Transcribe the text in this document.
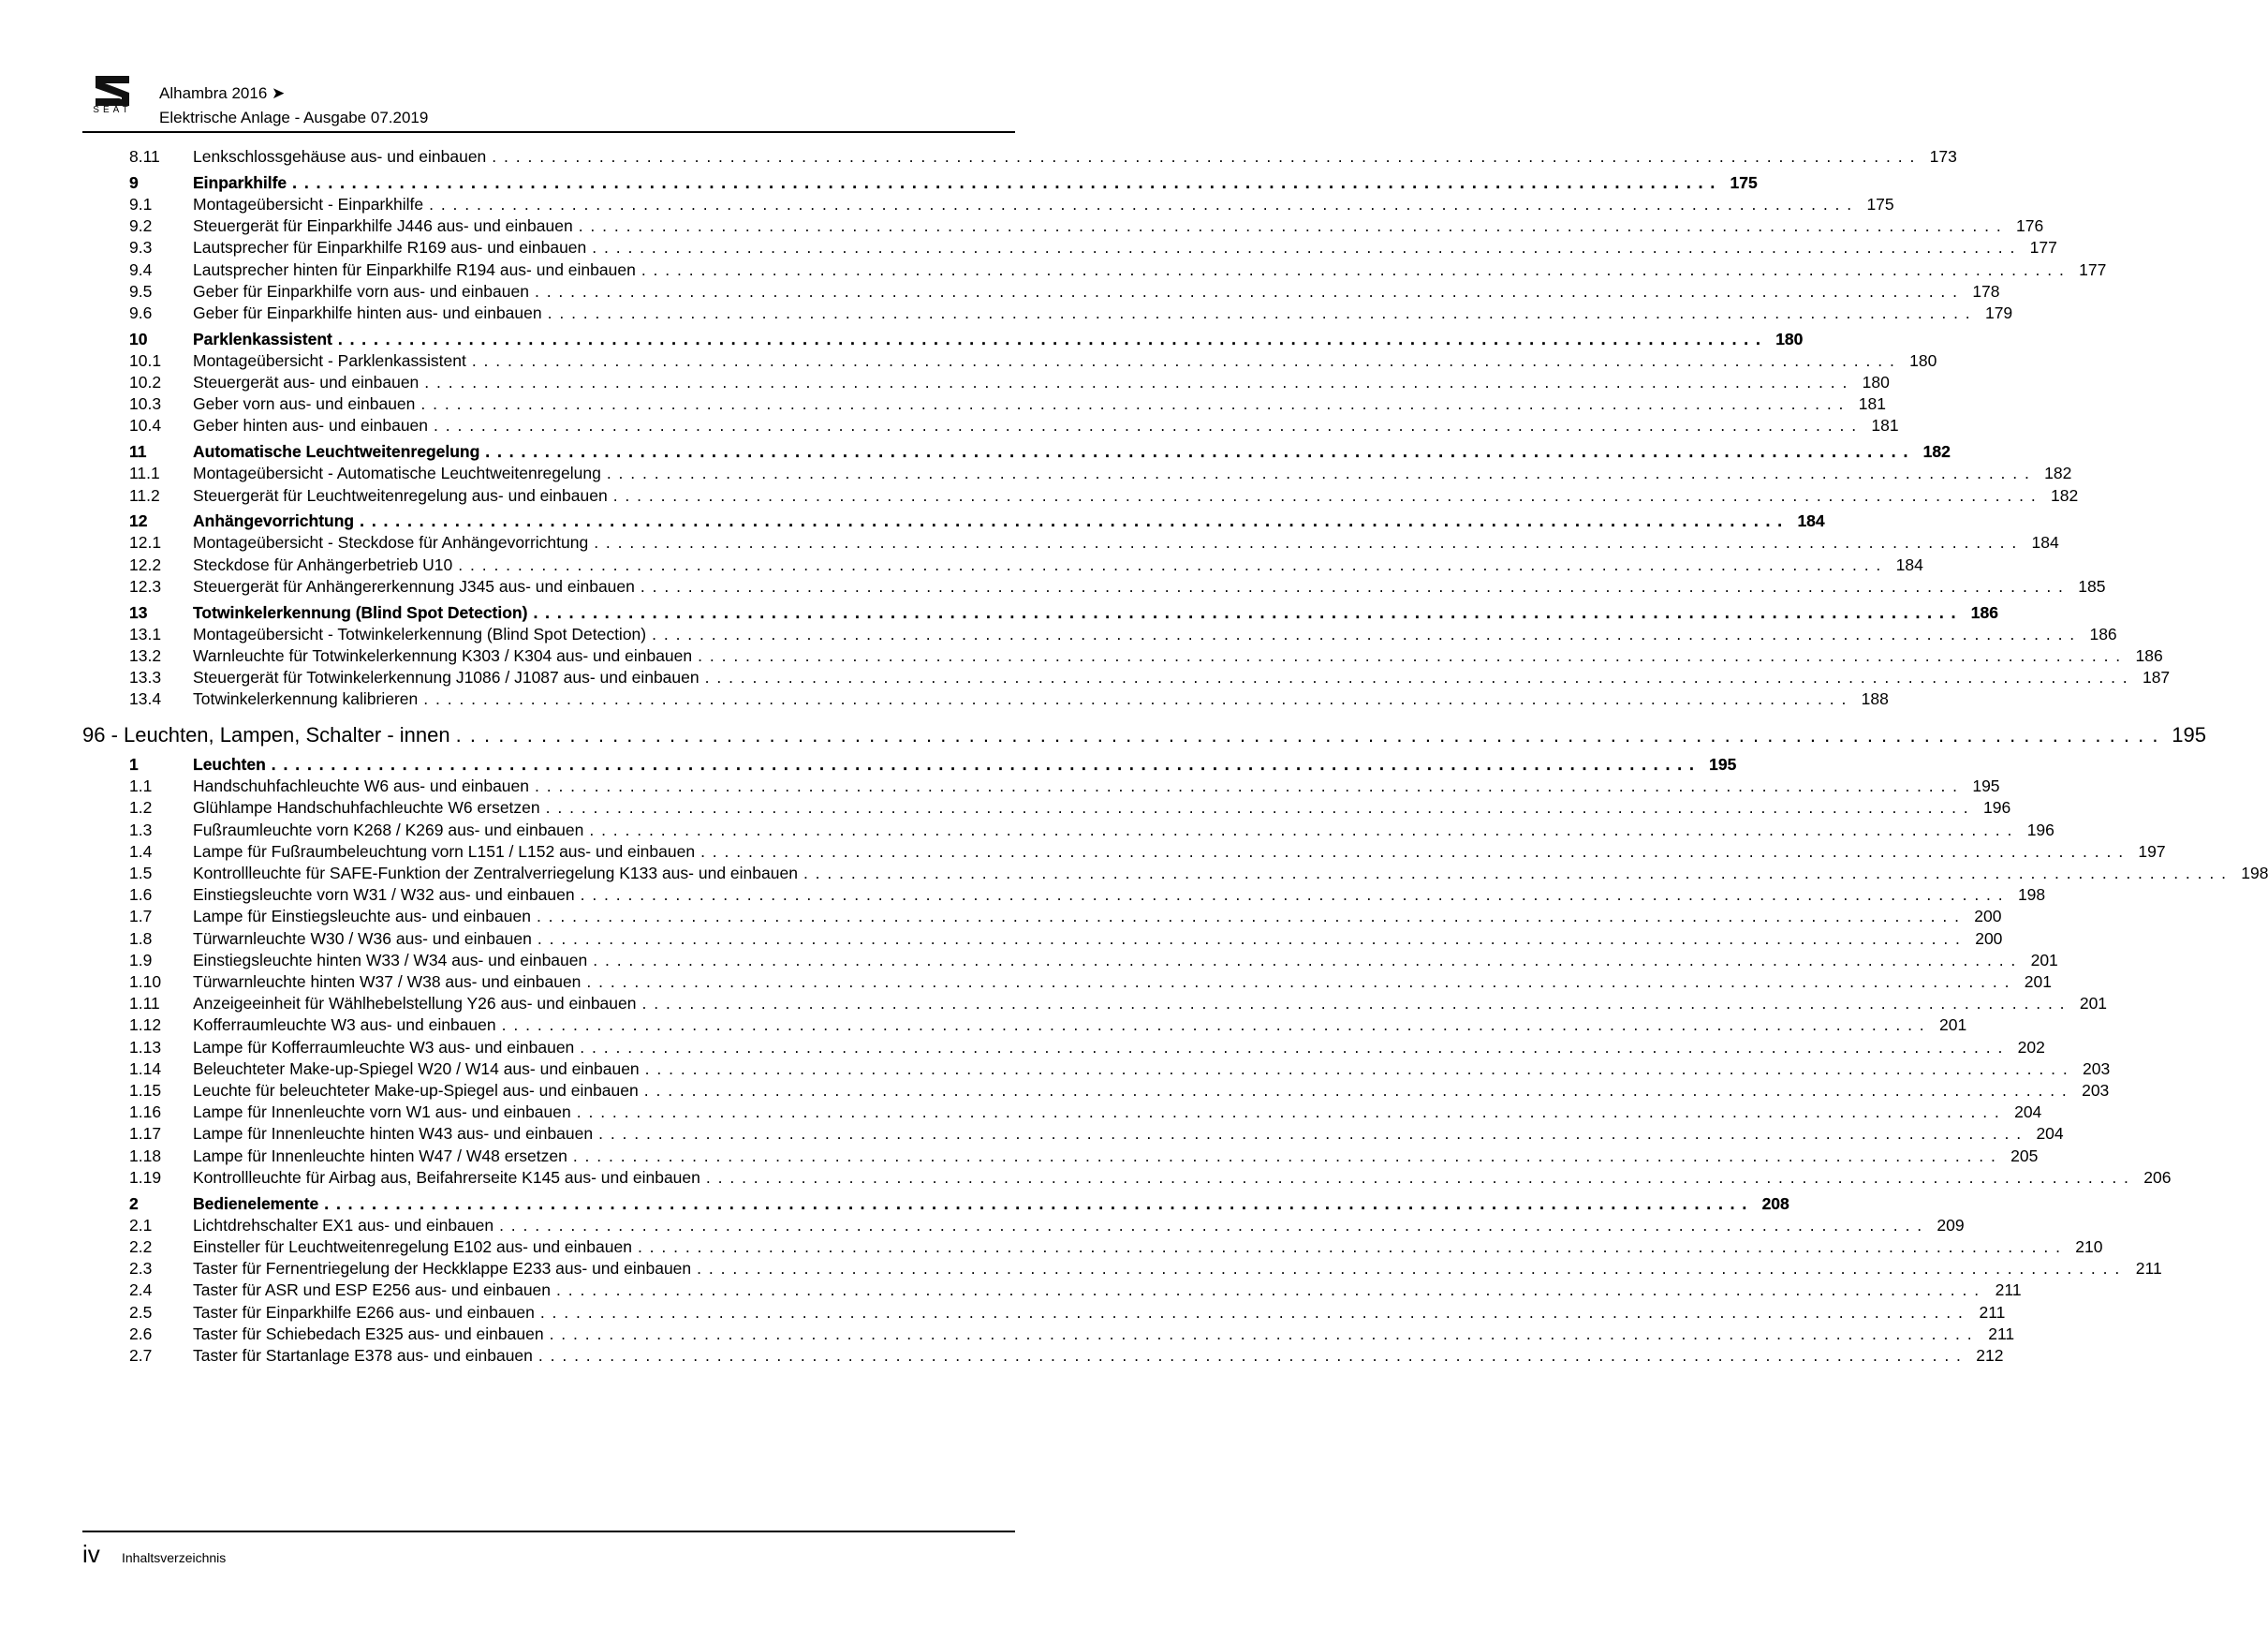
SEAT
Alhambra 2016 ➤
Elektrische Anlage - Ausgabe 07.2019
8.11	Lenkschlossgehäuse aus- und einbauen . . . . . . . . . . . . . . . . . . . . . . . . . . . . . . . . . . . . . . . . . . . . . . . . . . . . . . . . . . . . . . . . . . . . . . . . . . . . . . . . . . . . . . . . . . . . . . . . . . . . . . . . . . . . . . . . . . . . . . . . 173
9	Einparkhilfe . . . . . . . . . . . . . . . . . . . . . . . . . . . . . . . . . . . . . . . . . . . . . . . . . . . . . . . . . . . . . . . . . . . . . . . . . . . . . . . . . . . . . . . . . . . . . . . . . . . . . . . . . . . . . . . . . . . . . . . . 175
9.1	Montageübersicht - Einparkhilfe . . . . . . . . . . . . . . . . . . . . . . . . . . . . . . . . . . . . . . . . . . . . . . . . . . . . . . . . . . . . . . . . . . . . . . . . . . . . . . . . . . . . . . . . . . . . . . . . . . . . . . . . . . . . . . . . . . . . . . . . 175
9.2	Steuergerät für Einparkhilfe J446 aus- und einbauen . . . . . . . . . . . . . . . . . . . . . . . . . . . . . . . . . . . . . . . . . . . . . . . . . . . . . . . . . . . . . . . . . . . . . . . . . . . . . . . . . . . . . . . . . . . . . . . . . . . . . . . . . . . . . . . . . . . . . . . . 176
9.3	Lautsprecher für Einparkhilfe R169 aus- und einbauen . . . . . . . . . . . . . . . . . . . . . . . . . . . . . . . . . . . . . . . . . . . . . . . . . . . . . . . . . . . . . . . . . . . . . . . . . . . . . . . . . . . . . . . . . . . . . . . . . . . . . . . . . . . . . . . . . . . . . . . . 177
9.4	Lautsprecher hinten für Einparkhilfe R194 aus- und einbauen . . . . . . . . . . . . . . . . . . . . . . . . . . . . . . . . . . . . . . . . . . . . . . . . . . . . . . . . . . . . . . . . . . . . . . . . . . . . . . . . . . . . . . . . . . . . . . . . . . . . . . . . . . . . . . . . . . . . . . . . 177
9.5	Geber für Einparkhilfe vorn aus- und einbauen . . . . . . . . . . . . . . . . . . . . . . . . . . . . . . . . . . . . . . . . . . . . . . . . . . . . . . . . . . . . . . . . . . . . . . . . . . . . . . . . . . . . . . . . . . . . . . . . . . . . . . . . . . . . . . . . . . . . . . . . 178
9.6	Geber für Einparkhilfe hinten aus- und einbauen . . . . . . . . . . . . . . . . . . . . . . . . . . . . . . . . . . . . . . . . . . . . . . . . . . . . . . . . . . . . . . . . . . . . . . . . . . . . . . . . . . . . . . . . . . . . . . . . . . . . . . . . . . . . . . . . . . . . . . . . 179
10	Parklenkassistent . . . . . . . . . . . . . . . . . . . . . . . . . . . . . . . . . . . . . . . . . . . . . . . . . . . . . . . . . . . . . . . . . . . . . . . . . . . . . . . . . . . . . . . . . . . . . . . . . . . . . . . . . . . . . . . . . . . . . . . . 180
10.1	Montageübersicht - Parklenkassistent . . . . . . . . . . . . . . . . . . . . . . . . . . . . . . . . . . . . . . . . . . . . . . . . . . . . . . . . . . . . . . . . . . . . . . . . . . . . . . . . . . . . . . . . . . . . . . . . . . . . . . . . . . . . . . . . . . . . . . . . 180
10.2	Steuergerät aus- und einbauen . . . . . . . . . . . . . . . . . . . . . . . . . . . . . . . . . . . . . . . . . . . . . . . . . . . . . . . . . . . . . . . . . . . . . . . . . . . . . . . . . . . . . . . . . . . . . . . . . . . . . . . . . . . . . . . . . . . . . . . . 180
10.3	Geber vorn aus- und einbauen . . . . . . . . . . . . . . . . . . . . . . . . . . . . . . . . . . . . . . . . . . . . . . . . . . . . . . . . . . . . . . . . . . . . . . . . . . . . . . . . . . . . . . . . . . . . . . . . . . . . . . . . . . . . . . . . . . . . . . . . 181
10.4	Geber hinten aus- und einbauen . . . . . . . . . . . . . . . . . . . . . . . . . . . . . . . . . . . . . . . . . . . . . . . . . . . . . . . . . . . . . . . . . . . . . . . . . . . . . . . . . . . . . . . . . . . . . . . . . . . . . . . . . . . . . . . . . . . . . . . . 181
11	Automatische Leuchtweitenregelung . . . . . . . . . . . . . . . . . . . . . . . . . . . . . . . . . . . . . . . . . . . . . . . . . . . . . . . . . . . . . . . . . . . . . . . . . . . . . . . . . . . . . . . . . . . . . . . . . . . . . . . . . . . . . . . . . . . . . . . . 182
11.1	Montageübersicht - Automatische Leuchtweitenregelung . . . . . . . . . . . . . . . . . . . . . . . . . . . . . . . . . . . . . . . . . . . . . . . . . . . . . . . . . . . . . . . . . . . . . . . . . . . . . . . . . . . . . . . . . . . . . . . . . . . . . . . . . . . . . . . . . . . . . . . . 182
11.2	Steuergerät für Leuchtweitenregelung aus- und einbauen . . . . . . . . . . . . . . . . . . . . . . . . . . . . . . . . . . . . . . . . . . . . . . . . . . . . . . . . . . . . . . . . . . . . . . . . . . . . . . . . . . . . . . . . . . . . . . . . . . . . . . . . . . . . . . . . . . . . . . . . 182
12	Anhängevorrichtung . . . . . . . . . . . . . . . . . . . . . . . . . . . . . . . . . . . . . . . . . . . . . . . . . . . . . . . . . . . . . . . . . . . . . . . . . . . . . . . . . . . . . . . . . . . . . . . . . . . . . . . . . . . . . . . . . . . . . . . . 184
12.1	Montageübersicht - Steckdose für Anhängevorrichtung . . . . . . . . . . . . . . . . . . . . . . . . . . . . . . . . . . . . . . . . . . . . . . . . . . . . . . . . . . . . . . . . . . . . . . . . . . . . . . . . . . . . . . . . . . . . . . . . . . . . . . . . . . . . . . . . . . . . . . . . 184
12.2	Steckdose für Anhängerbetrieb U10 . . . . . . . . . . . . . . . . . . . . . . . . . . . . . . . . . . . . . . . . . . . . . . . . . . . . . . . . . . . . . . . . . . . . . . . . . . . . . . . . . . . . . . . . . . . . . . . . . . . . . . . . . . . . . . . . . . . . . . . . 184
12.3	Steuergerät für Anhängererkennung J345 aus- und einbauen . . . . . . . . . . . . . . . . . . . . . . . . . . . . . . . . . . . . . . . . . . . . . . . . . . . . . . . . . . . . . . . . . . . . . . . . . . . . . . . . . . . . . . . . . . . . . . . . . . . . . . . . . . . . . . . . . . . . . . . . 185
13	Totwinkelerkennung (Blind Spot Detection) . . . . . . . . . . . . . . . . . . . . . . . . . . . . . . . . . . . . . . . . . . . . . . . . . . . . . . . . . . . . . . . . . . . . . . . . . . . . . . . . . . . . . . . . . . . . . . . . . . . . . . . . . . . . . . . . . . . . . . . . 186
13.1	Montageübersicht - Totwinkelerkennung (Blind Spot Detection) . . . . . . . . . . . . . . . . . . . . . . . . . . . . . . . . . . . . . . . . . . . . . . . . . . . . . . . . . . . . . . . . . . . . . . . . . . . . . . . . . . . . . . . . . . . . . . . . . . . . . . . . . . . . . . . . . . . . . . . . 186
13.2	Warnleuchte für Totwinkelerkennung K303 / K304 aus- und einbauen . . . . . . . . . . . . . . . . . . . . . . . . . . . . . . . . . . . . . . . . . . . . . . . . . . . . . . . . . . . . . . . . . . . . . . . . . . . . . . . . . . . . . . . . . . . . . . . . . . . . . . . . . . . . . . . . . . . . . . . . 186
13.3	Steuergerät für Totwinkelerkennung J1086 / J1087 aus- und einbauen . . . . . . . . . . . . . . . . . . . . . . . . . . . . . . . . . . . . . . . . . . . . . . . . . . . . . . . . . . . . . . . . . . . . . . . . . . . . . . . . . . . . . . . . . . . . . . . . . . . . . . . . . . . . . . . . . . . . . . . . 187
13.4	Totwinkelerkennung kalibrieren . . . . . . . . . . . . . . . . . . . . . . . . . . . . . . . . . . . . . . . . . . . . . . . . . . . . . . . . . . . . . . . . . . . . . . . . . . . . . . . . . . . . . . . . . . . . . . . . . . . . . . . . . . . . . . . . . . . . . . . . 188
96 - Leuchten, Lampen, Schalter - innen . . . . . . . . . . . . . . . . . . . . . . . . . . . . . . . . . . . . . . . . . . . . . . . . . . . . . . . . . . . . . . . . . . . . . . . . . . . . . . . . . . . . . . . . . . . . . . . . . . . . . . . . . . . . . . . . . . . . . . . . 195
1	Leuchten . . . . . . . . . . . . . . . . . . . . . . . . . . . . . . . . . . . . . . . . . . . . . . . . . . . . . . . . . . . . . . . . . . . . . . . . . . . . . . . . . . . . . . . . . . . . . . . . . . . . . . . . . . . . . . . . . . . . . . . . 195
1.1	Handschuhfachleuchte W6 aus- und einbauen . . . . . . . . . . . . . . . . . . . . . . . . . . . . . . . . . . . . . . . . . . . . . . . . . . . . . . . . . . . . . . . . . . . . . . . . . . . . . . . . . . . . . . . . . . . . . . . . . . . . . . . . . . . . . . . . . . . . . . . . 195
1.2	Glühlampe Handschuhfachleuchte W6 ersetzen . . . . . . . . . . . . . . . . . . . . . . . . . . . . . . . . . . . . . . . . . . . . . . . . . . . . . . . . . . . . . . . . . . . . . . . . . . . . . . . . . . . . . . . . . . . . . . . . . . . . . . . . . . . . . . . . . . . . . . . . 196
1.3	Fußraumleuchte vorn K268 / K269 aus- und einbauen . . . . . . . . . . . . . . . . . . . . . . . . . . . . . . . . . . . . . . . . . . . . . . . . . . . . . . . . . . . . . . . . . . . . . . . . . . . . . . . . . . . . . . . . . . . . . . . . . . . . . . . . . . . . . . . . . . . . . . . . 196
1.4	Lampe für Fußraumbeleuchtung vorn L151 / L152 aus- und einbauen . . . . . . . . . . . . . . . . . . . . . . . . . . . . . . . . . . . . . . . . . . . . . . . . . . . . . . . . . . . . . . . . . . . . . . . . . . . . . . . . . . . . . . . . . . . . . . . . . . . . . . . . . . . . . . . . . . . . . . . . 197
1.5	Kontrollleuchte für SAFE-Funktion der Zentralverriegelung K133 aus- und einbauen . . . . . . . . . . . . . . . . . . . . . . . . . . . . . . . . . . . . . . . . . . . . . . . . . . . . . . . . . . . . . . . . . . . . . . . . . . . . . . . . . . . . . . . . . . . . . . . . . . . . . . . . . . . . . . . . . . . . . . . . 198
1.6	Einstiegsleuchte vorn W31 / W32 aus- und einbauen . . . . . . . . . . . . . . . . . . . . . . . . . . . . . . . . . . . . . . . . . . . . . . . . . . . . . . . . . . . . . . . . . . . . . . . . . . . . . . . . . . . . . . . . . . . . . . . . . . . . . . . . . . . . . . . . . . . . . . . . 198
1.7	Lampe für Einstiegsleuchte aus- und einbauen . . . . . . . . . . . . . . . . . . . . . . . . . . . . . . . . . . . . . . . . . . . . . . . . . . . . . . . . . . . . . . . . . . . . . . . . . . . . . . . . . . . . . . . . . . . . . . . . . . . . . . . . . . . . . . . . . . . . . . . . 200
1.8	Türwarnleuchte W30 / W36 aus- und einbauen . . . . . . . . . . . . . . . . . . . . . . . . . . . . . . . . . . . . . . . . . . . . . . . . . . . . . . . . . . . . . . . . . . . . . . . . . . . . . . . . . . . . . . . . . . . . . . . . . . . . . . . . . . . . . . . . . . . . . . . . 200
1.9	Einstiegsleuchte hinten W33 / W34 aus- und einbauen . . . . . . . . . . . . . . . . . . . . . . . . . . . . . . . . . . . . . . . . . . . . . . . . . . . . . . . . . . . . . . . . . . . . . . . . . . . . . . . . . . . . . . . . . . . . . . . . . . . . . . . . . . . . . . . . . . . . . . . . 201
1.10	Türwarnleuchte hinten W37 / W38 aus- und einbauen . . . . . . . . . . . . . . . . . . . . . . . . . . . . . . . . . . . . . . . . . . . . . . . . . . . . . . . . . . . . . . . . . . . . . . . . . . . . . . . . . . . . . . . . . . . . . . . . . . . . . . . . . . . . . . . . . . . . . . . . 201
1.11	Anzeigeeinheit für Wählhebelstellung Y26 aus- und einbauen . . . . . . . . . . . . . . . . . . . . . . . . . . . . . . . . . . . . . . . . . . . . . . . . . . . . . . . . . . . . . . . . . . . . . . . . . . . . . . . . . . . . . . . . . . . . . . . . . . . . . . . . . . . . . . . . . . . . . . . . 201
1.12	Kofferraumleuchte W3 aus- und einbauen . . . . . . . . . . . . . . . . . . . . . . . . . . . . . . . . . . . . . . . . . . . . . . . . . . . . . . . . . . . . . . . . . . . . . . . . . . . . . . . . . . . . . . . . . . . . . . . . . . . . . . . . . . . . . . . . . . . . . . . . 201
1.13	Lampe für Kofferraumleuchte W3 aus- und einbauen . . . . . . . . . . . . . . . . . . . . . . . . . . . . . . . . . . . . . . . . . . . . . . . . . . . . . . . . . . . . . . . . . . . . . . . . . . . . . . . . . . . . . . . . . . . . . . . . . . . . . . . . . . . . . . . . . . . . . . . . 202
1.14	Beleuchteter Make-up-Spiegel W20 / W14 aus- und einbauen . . . . . . . . . . . . . . . . . . . . . . . . . . . . . . . . . . . . . . . . . . . . . . . . . . . . . . . . . . . . . . . . . . . . . . . . . . . . . . . . . . . . . . . . . . . . . . . . . . . . . . . . . . . . . . . . . . . . . . . . 203
1.15	Leuchte für beleuchteter Make-up-Spiegel aus- und einbauen . . . . . . . . . . . . . . . . . . . . . . . . . . . . . . . . . . . . . . . . . . . . . . . . . . . . . . . . . . . . . . . . . . . . . . . . . . . . . . . . . . . . . . . . . . . . . . . . . . . . . . . . . . . . . . . . . . . . . . . . 203
1.16	Lampe für Innenleuchte vorn W1 aus- und einbauen . . . . . . . . . . . . . . . . . . . . . . . . . . . . . . . . . . . . . . . . . . . . . . . . . . . . . . . . . . . . . . . . . . . . . . . . . . . . . . . . . . . . . . . . . . . . . . . . . . . . . . . . . . . . . . . . . . . . . . . . 204
1.17	Lampe für Innenleuchte hinten W43 aus- und einbauen . . . . . . . . . . . . . . . . . . . . . . . . . . . . . . . . . . . . . . . . . . . . . . . . . . . . . . . . . . . . . . . . . . . . . . . . . . . . . . . . . . . . . . . . . . . . . . . . . . . . . . . . . . . . . . . . . . . . . . . . 204
1.18	Lampe für Innenleuchte hinten W47 / W48 ersetzen . . . . . . . . . . . . . . . . . . . . . . . . . . . . . . . . . . . . . . . . . . . . . . . . . . . . . . . . . . . . . . . . . . . . . . . . . . . . . . . . . . . . . . . . . . . . . . . . . . . . . . . . . . . . . . . . . . . . . . . . 205
1.19	Kontrollleuchte für Airbag aus, Beifahrerseite K145 aus- und einbauen . . . . . . . . . . . . . . . . . . . . . . . . . . . . . . . . . . . . . . . . . . . . . . . . . . . . . . . . . . . . . . . . . . . . . . . . . . . . . . . . . . . . . . . . . . . . . . . . . . . . . . . . . . . . . . . . . . . . . . . . 206
2	Bedienelemente . . . . . . . . . . . . . . . . . . . . . . . . . . . . . . . . . . . . . . . . . . . . . . . . . . . . . . . . . . . . . . . . . . . . . . . . . . . . . . . . . . . . . . . . . . . . . . . . . . . . . . . . . . . . . . . . . . . . . . . . 208
2.1	Lichtdrehschalter EX1 aus- und einbauen . . . . . . . . . . . . . . . . . . . . . . . . . . . . . . . . . . . . . . . . . . . . . . . . . . . . . . . . . . . . . . . . . . . . . . . . . . . . . . . . . . . . . . . . . . . . . . . . . . . . . . . . . . . . . . . . . . . . . . . . 209
2.2	Einsteller für Leuchtweitenregelung E102 aus- und einbauen . . . . . . . . . . . . . . . . . . . . . . . . . . . . . . . . . . . . . . . . . . . . . . . . . . . . . . . . . . . . . . . . . . . . . . . . . . . . . . . . . . . . . . . . . . . . . . . . . . . . . . . . . . . . . . . . . . . . . . . . 210
2.3	Taster für Fernentriegelung der Heckklappe E233 aus- und einbauen . . . . . . . . . . . . . . . . . . . . . . . . . . . . . . . . . . . . . . . . . . . . . . . . . . . . . . . . . . . . . . . . . . . . . . . . . . . . . . . . . . . . . . . . . . . . . . . . . . . . . . . . . . . . . . . . . . . . . . . . 211
2.4	Taster für ASR und ESP E256 aus- und einbauen . . . . . . . . . . . . . . . . . . . . . . . . . . . . . . . . . . . . . . . . . . . . . . . . . . . . . . . . . . . . . . . . . . . . . . . . . . . . . . . . . . . . . . . . . . . . . . . . . . . . . . . . . . . . . . . . . . . . . . . . 211
2.5	Taster für Einparkhilfe E266 aus- und einbauen . . . . . . . . . . . . . . . . . . . . . . . . . . . . . . . . . . . . . . . . . . . . . . . . . . . . . . . . . . . . . . . . . . . . . . . . . . . . . . . . . . . . . . . . . . . . . . . . . . . . . . . . . . . . . . . . . . . . . . . . 211
2.6	Taster für Schiebedach E325 aus- und einbauen . . . . . . . . . . . . . . . . . . . . . . . . . . . . . . . . . . . . . . . . . . . . . . . . . . . . . . . . . . . . . . . . . . . . . . . . . . . . . . . . . . . . . . . . . . . . . . . . . . . . . . . . . . . . . . . . . . . . . . . . 211
2.7	Taster für Startanlage E378 aus- und einbauen . . . . . . . . . . . . . . . . . . . . . . . . . . . . . . . . . . . . . . . . . . . . . . . . . . . . . . . . . . . . . . . . . . . . . . . . . . . . . . . . . . . . . . . . . . . . . . . . . . . . . . . . . . . . . . . . . . . . . . . . 212
iv Inhaltsverzeichnis
